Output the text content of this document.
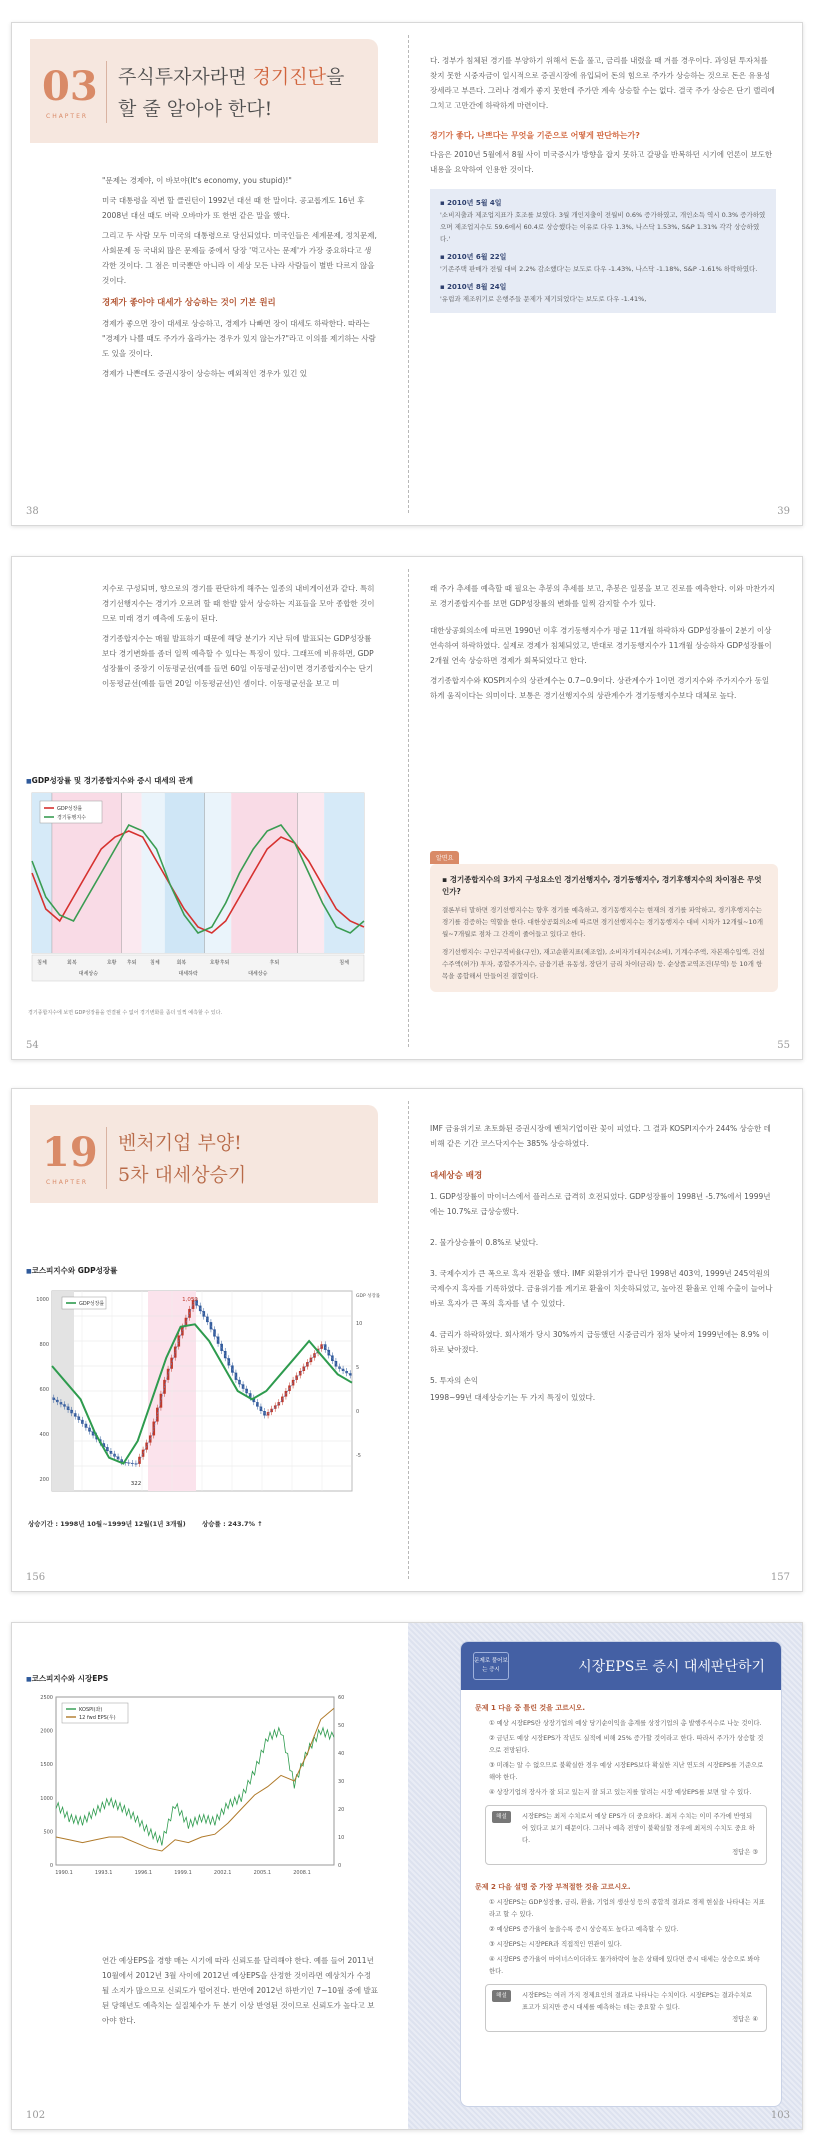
03
CHAPTER
주식투자자라면 경기진단을
할 줄 알아야 한다!

"문제는 경제야, 이 바보야(It's economy, you stupid)!"

미국 대통령을 직변 할 클린턴이 1992년 대선 때 한 말이다. 공교롭게도 16년 후 2008년 대선 때도 버락 오바마가 또 한번 같은 말을 했다.

그리고 두 사람 모두 미국의 대통령으로 당선되었다. 미국인들은 세계문제, 정치문제, 사회문제 등 국내외 많은 문제들 중에서 당장 '먹고사는 문제'가 가장 중요하다고 생각한 것이다. 그 점은 미국뿐만 아니라 이 세상 모든 나라 사람들이 별반 다르지 않을 것이다.

경제가 좋아야 대세가 상승하는 것이 기본 원리

경제가 좋으면 장이 대세로 상승하고, 경제가 나빠면 장이 대세도 하락한다. 따라는 "경제가 나쁠 때도 주가가 올라가는 경우가 있지 않는가?"라고 이의를 제기하는 사람도 있을 것이다.

경제가 나쁜데도 증권시장이 상승하는 예외적인 경우가 있긴 있

38

다. 정부가 침체된 경기를 부양하기 위해서 돈을 풀고, 금리를 내렸을 때 겨를 경우이다. 과잉된 투자처를 찾지 못한 시중자금이 일시적으로 증권시장에 유입되어 돈의 힘으로 주가가 상승하는 것으로 돈은 유용성 장세라고 부른다. 그러나 경제가 좋지 못한데 주가만 계속 상승할 수는 없다. 결국 주가 상승은 단기 랠리에 그치고 고만간에 하락하게 마련이다.

경기가 좋다, 나쁘다는 무엇을 기준으로 어떻게 판단하는가?

다음은 2010년 5월에서 8월 사이 미국증시가 방향을 잡지 못하고 갈팡을 반복하던 시기에 언론이 보도한 내용을 요약하여 인용한 것이다.

▪ 2010년 5월 4일
'소비지출과 제조업지표가 호조를 보였다. 3월 개인지출이 전월비 0.6% 증가하였고, 개인소득 역시 0.3% 증가하였으며 제조업지수도 59.6에서 60.4로 상승했다는 이유로 다우 1.3%, 나스닥 1.53%, S&P 1.31% 각각 상승하였다.'
▪ 2010년 6월 22일
'기존주택 판매가 전월 대비 2.2% 감소했다'는 보도로 다우 -1.43%, 나스닥 -1.18%, S&P -1.61% 하락하였다.
▪ 2010년 8월 24일
'유럽과 제조위기로 은행주들 문제가 제기되었다'는 보도로 다우 -1.41%,
39

지수로 구성되며, 향으로의 경기를 판단하게 해주는 일종의 내비게이션과 같다. 특히 경기선행지수는 경기가 오르려 할 때 한발 앞서 상승하는 지표들을 모아 종합한 것이므로 미래 경기 예측에 도움이 된다.

경기종합지수는 매월 발표하기 때문에 해당 분기가 지난 뒤에 발표되는 GDP성장률보다 경기변화를 좀더 일찍 예측할 수 있다는 특징이 있다. 그래프에 비유하면, GDP성장률이 중장기 이동평균선(예를 들면 60일 이동평균선)이면 경기종합지수는 단기 이동평균선(예를 들면 20일 이동평균선)인 셈이다. 이동평균선을 보고 미

■ GDP성장률 및 경기종합지수와 증시 대세의 관계
GDP성장률
경기동행지수
침체	회복
대세상승
호황 후퇴	침체	회복
대세하락
호황 후퇴
대세상승
후퇴	침체
경기종합지수에 보면 GDP성장률을 연결될 수 없어 경기변화를 좀더 일찍 예측할 수 있다.
54

래 주가 추세를 예측할 때 필요는 추봉의 추세를 보고, 추봉은 일봉을 보고 진로를 예측한다. 이와 마찬가지로 경기종합지수를 보면 GDP성장률의 변화를 일찍 감지할 수가 있다.

대한상공회의소에 따르면 1990년 이후 경기동행지수가 평균 11개월 하락하자 GDP성장률이 2분기 이상 연속하여 하락하였다. 실제로 경제가 침체되었고, 반대로 경기동행지수가 11개월 상승하자 GDP성장률이 2개월 연속 상승하면 경제가 회복되었다고 한다.

경기종합지수와 KOSPI지수의 상관계수는 0.7~0.9이다. 상관계수가 1이면 경기지수와 주가지수가 동일하게 움직이다는 의미이다. 보통은 경기선행지수의 상관계수가 경기동행지수보다 대체로 높다.

알면요
▪ 경기종합지수의 3가지 구성요소인 경기선행지수, 경기동행지수, 경기후행지수의 차이점은 무엇인가?

결론부터 말하면 경기선행지수는 향후 경기를 예측하고, 경기동행지수는 현재의 경기를 파악하고, 경기후행지수는 경기를 검증하는 역할을 한다. 대한상공회의소에 따르면 경기선행지수는 경기동행지수 대비 시차가 12개월~10개월~7개월로 점차 그 간격이 줄어들고 있다고 한다.

경기선행지수: 구인구직비율(구인), 재고순환지표(제조업), 소비자기대지수(소비), 기계수주액, 자본재수입액, 건설수주액(허가) 투자, 종합주가지수, 금융기관 유동성, 장단기 금리 차이(금리) 등. 순상품교역조건(무역) 등 10개 항목을 종합해서 만들어진 결합이다.

55
19
CHAPTER
벤처기업 부양!
5차 대세상승기
■ 코스피지수와 GDP성장률
1000
800
600
400
200
10
5
0
-5
GDP 성장률
1,059
322
GDP성장률
상승기간 : 1998년 10월~1999년 12월(1년 3개월)	상승률 : 243.7% ↑
156

IMF 금융위기로 초토화된 증권시장에 벤처기업이란 꽃이 피었다. 그 결과 KOSPI지수가 244% 상승한 데 비해 같은 기간 코스닥지수는 385% 상승하였다.

대세상승 배경

1. GDP성장률이 마이너스에서 플러스로 급격히 호전되었다. GDP성장률이 1998년 -5.7%에서 1999년에는 10.7%로 급상승했다.

2. 물가상승률이 0.8%로 낮았다.

3. 국제수지가 큰 폭으로 흑자 전환을 했다. IMF 외환위기가 끝나던 1998년 403억, 1999년 245억원의 국제수지 흑자를 기록하였다. 금융위기를 계기로 환율이 치솟하되었고, 높아진 환율로 인해 수출이 늘어나 바로 흑자가 큰 폭의 흑자를 낼 수 있었다.

4. 금리가 하락하였다. 회사채가 당시 30%까지 급등했던 시중금리가 점차 낮아져 1999년에는 8.9% 이하로 낮아졌다.

5. 투자의 손익

1998~99년 대세상승기는 두 가지 특징이 있었다.

157
■ 코스피지수와 시장EPS
2500
2000
1500
1000
500
0
60
50
40
30
20
10
0
1990.1	1993.1	1996.1	1999.1	2002.1	2005.1	2008.1
KOSPI(좌)
12 fwd EPS(우)

연간 예상EPS을 경향 매는 시기에 따라 신뢰도를 달리해야 한다. 예를 들어 2011년 10월에서 2012년 3월 사이에 2012년 예상EPS을 산정한 것이라면 예상치가 수정될 소지가 많으므로 신뢰도가 떨어진다. 반면에 2012년 하반기인 7~10월 중에 발표된 당해년도 예측치는 실질체수가 두 분기 이상 반영된 것이므로 신뢰도가 높다고 보아야 한다.

102
문제로 풀어보는 증시	시장EPS로 증시 대세판단하기
문제 1 다음 중 틀린 것을 고르시오.
① 예상 시장EPS란 상장기업의 예상 당기순이익을 총계를 상장기업의 총 발행주식수로 나눈 것이다.
② 금년도 예상 시장EPS가 작년도 실적에 비해 25% 증가할 것이라고 한다. 따라서 주가가 상승할 것으로 전망된다.
③ 미래는 알 수 없으므로 불확실한 경우 예상 시장EPS보다 확실한 지난 연도의 시장EPS를 기준으로 해야 한다.
④ 상장기업의 장사가 잘 되고 있는지 잘 되고 있는지를 알려는 시장 예상EPS를 보면 알 수 있다.
해설	시장EPS는 최저 수치로서 예상 EPS가 더 중요하다. 최저 수치는 이미 주가에 반영되어 있다고 보기 때문이다. 그러나 예측 전망이 불확실할 경우에 최저의 수치도 중요 하다.
정답은 ③
문제 2 다음 설명 중 가장 부적절한 것을 고르시오.
① 시장EPS는 GDP성장률, 금리, 환율, 기업의 생산성 등의 종합적 결과로 경제 현실을 나타내는 지표라고 할 수 있다.
② 예상EPS 증가율이 높을수록 증시 상승폭도 높다고 예측할 수 있다.
③ 시장EPS는 시장PER과 직접적인 연관이 있다.
④ 시장EPS 증가율이 마이너스이더라도 물가하락이 높은 상태에 있다면 증시 대세는 상승으로 봐야 한다.
해설	시장EPS는 여러 가지 경제요인의 결과로 나타나는 수치이다. 시장EPS는 결과수치로 표고가 되지만 증시 대세를 예측하는 데는 중요할 수 있다.
정답은 ④
103
